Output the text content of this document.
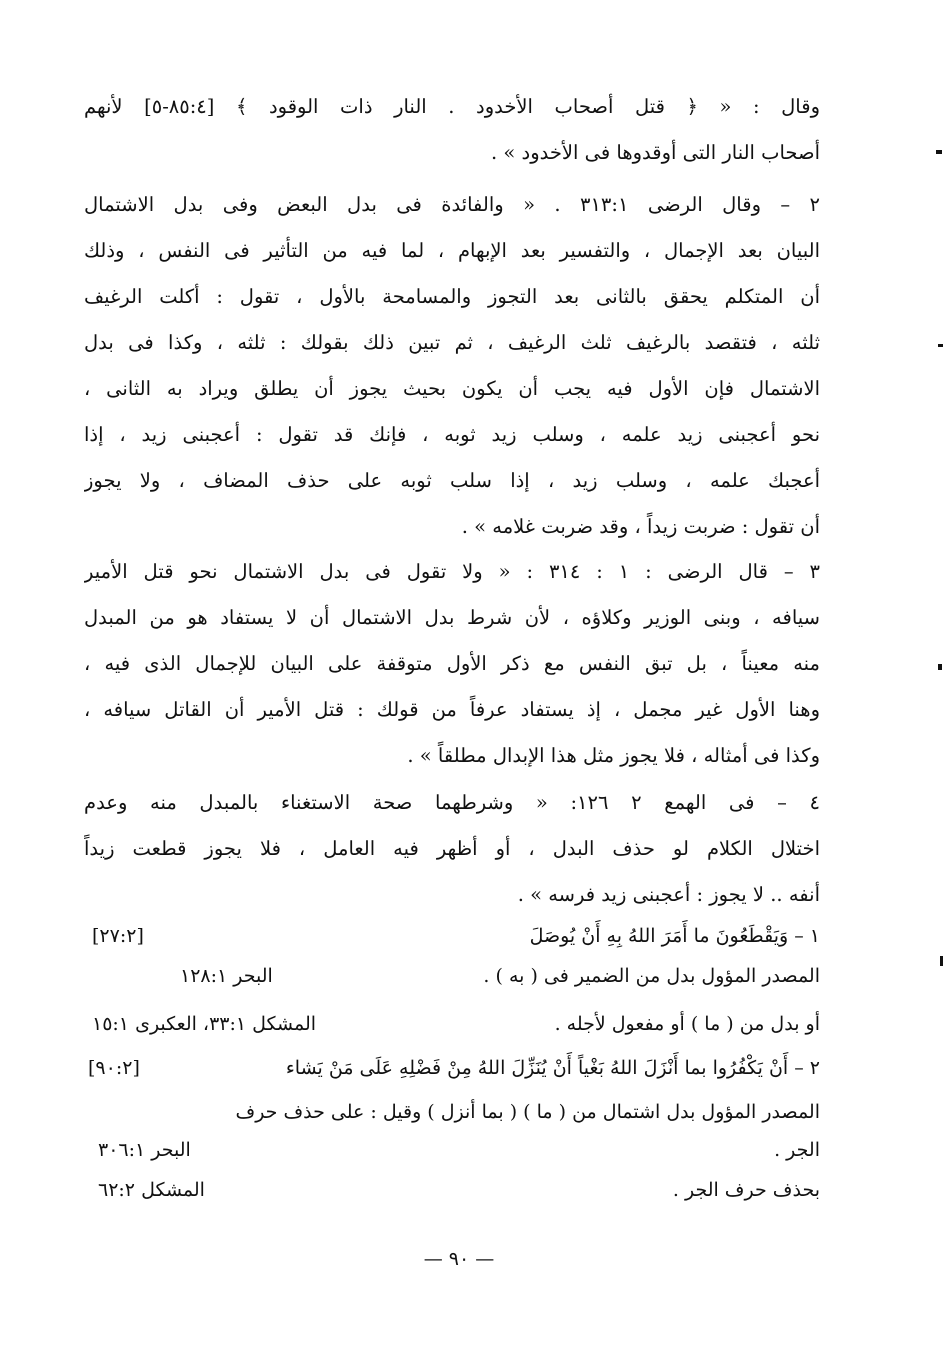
وقال : « ﴿ قتل أصحاب الأخدود . النار ذات الوقود ﴾ [٨٥:٤-٥] لأنهم
أصحاب النار التى أوقدوها فى الأخدود » .
٢ – وقال الرضى ٣١٣:١ . « والفائدة فى بدل البعض وفى بدل الاشتمال
البيان بعد الإجمال ، والتفسير بعد الإبهام ، لما فيه من التأثير فى النفس ، وذلك
أن المتكلم يحقق بالثانى بعد التجوز والمسامحة بالأول ، تقول : أكلت الرغيف
ثلثه ، فتقصد بالرغيف ثلث الرغيف ، ثم تبين ذلك بقولك : ثلثه ، وكذا فى بدل
الاشتمال فإن الأول فيه يجب أن يكون بحيث يجوز أن يطلق ويراد به الثانى ،
نحو أعجبنى زيد علمه ، وسلب زيد ثوبه ، فإنك قد تقول : أعجبنى زيد ، إذا
أعجبك علمه ، وسلب زيد ، إذا سلب ثوبه على حذف المضاف ، ولا يجوز
أن تقول : ضربت زيداً ، وقد ضربت غلامه » .
٣ – قال الرضى : ١ : ٣١٤ : « ولا تقول فى بدل الاشتمال نحو قتل الأمير
سيافه ، وبنى الوزير وكلاؤه ، لأن شرط بدل الاشتمال أن لا يستفاد هو من المبدل
منه معيناً ، بل تبق النفس مع ذكر الأول متوقفة على البيان للإجمال الذى فيه ،
وهنا الأول غير مجمل ، إذ يستفاد عرفاً من قولك : قتل الأمير أن القاتل سيافه ،
وكذا فى أمثاله ، فلا يجوز مثل هذا الإبدال مطلقاً » .
٤ – فى الهمع ٢ ١٢٦: « وشرطهما صحة الاستغناء بالمبدل منه وعدم
اختلال الكلام لو حذف البدل ، أو أظهر فيه العامل ، فلا يجوز قطعت زيداً
أنفه .. لا يجوز : أعجبنى زيد فرسه » .
١ – وَيَقْطَعُونَ ما أَمَرَ اللهُ بِهِ أَنْ يُوصَلَ
[٢٧:٢]
المصدر المؤول بدل من الضمير فى ( به ) .
البحر ١٢٨:١
أو بدل من ( ما ) أو مفعول لأجله .
المشكل ٣٣:١، العكبرى ١٥:١
٢ – أَنْ يَكْفُرُوا بما أَنْزَلَ اللهُ بَغْياً أَنْ يُنَزِّلَ اللهُ مِنْ فَضْلِهِ عَلَى مَنْ يَشاء
[٩٠:٢]
المصدر المؤول بدل اشتمال من ( ما ) ( بما أنزل ) وقيل : على حذف حرف
الجر .
البحر ٣٠٦:١
بحذف حرف الجر .
المشكل ٦٢:٢
— ٩٠ —
